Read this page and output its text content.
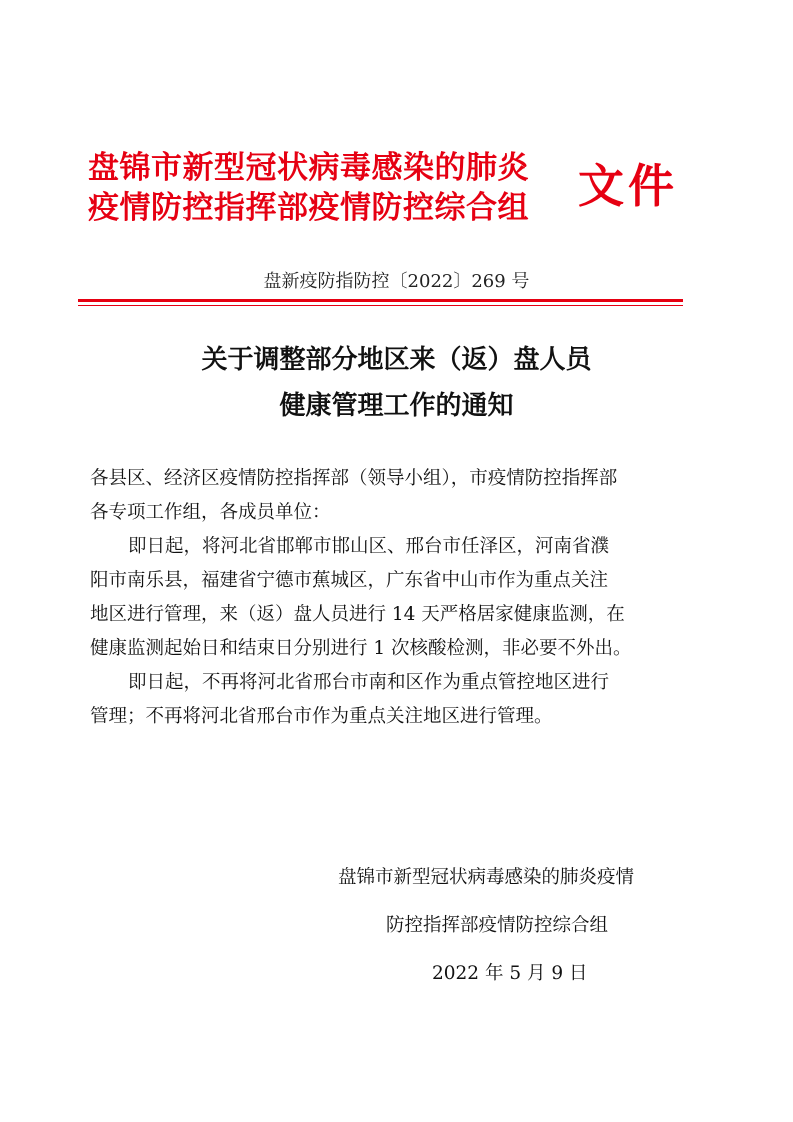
盘锦市新型冠状病毒感染的肺炎
疫情防控指挥部疫情防控综合组	文件
盘新疫防指防控〔2022〕269 号
关于调整部分地区来（返）盘人员
健康管理工作的通知
各县区、经济区疫情防控指挥部（领导小组），市疫情防控指挥部
各专项工作组，各成员单位：
即日起，将河北省邯郸市邯山区、邢台市任泽区，河南省濮
阳市南乐县，福建省宁德市蕉城区，广东省中山市作为重点关注
地区进行管理，来（返）盘人员进行 14 天严格居家健康监测，在
健康监测起始日和结束日分别进行 1 次核酸检测，非必要不外出。
即日起，不再将河北省邢台市南和区作为重点管控地区进行
管理；不再将河北省邢台市作为重点关注地区进行管理。
盘锦市新型冠状病毒感染的肺炎疫情
防控指挥部疫情防控综合组
2022 年 5 月 9 日
